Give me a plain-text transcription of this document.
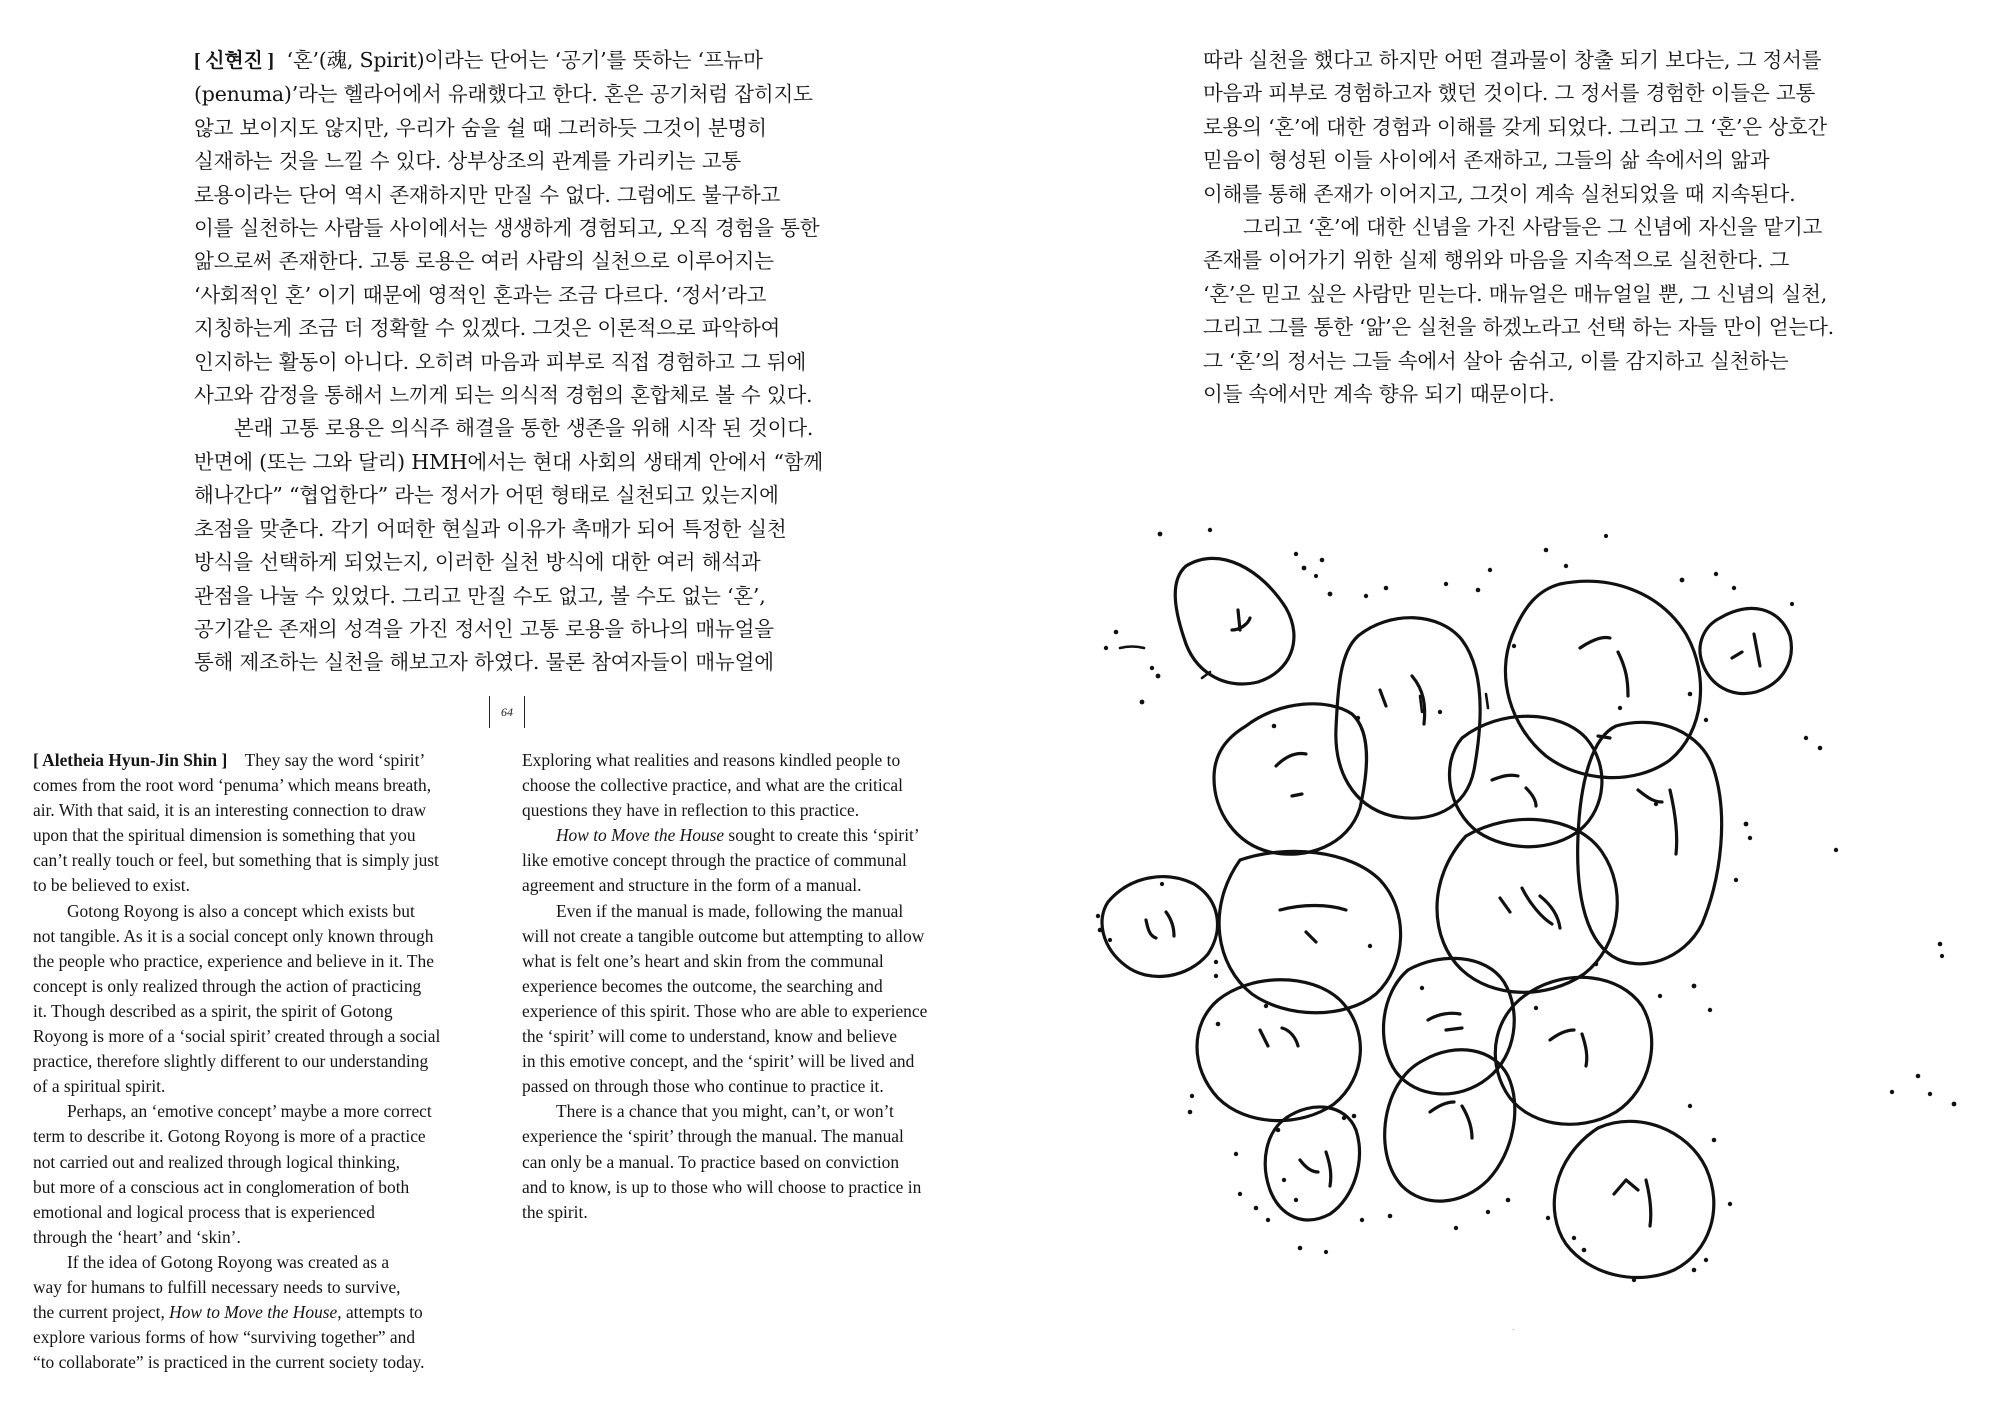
[ 신현진 ] ‘혼’(魂, Spirit)이라는 단어는 ‘공기’를 뜻하는 ‘프뉴마

(penuma)’라는 헬라어에서 유래했다고 한다. 혼은 공기처럼 잡히지도

않고 보이지도 않지만, 우리가 숨을 쉴 때 그러하듯 그것이 분명히

실재하는 것을 느낄 수 있다. 상부상조의 관계를 가리키는 고통

로용이라는 단어 역시 존재하지만 만질 수 없다. 그럼에도 불구하고

이를 실천하는 사람들 사이에서는 생생하게 경험되고, 오직 경험을 통한

앎으로써 존재한다. 고통 로용은 여러 사람의 실천으로 이루어지는

‘사회적인 혼’ 이기 때문에 영적인 혼과는 조금 다르다. ‘정서’라고

지칭하는게 조금 더 정확할 수 있겠다. 그것은 이론적으로 파악하여

인지하는 활동이 아니다. 오히려 마음과 피부로 직접 경험하고 그 뒤에

사고와 감정을 통해서 느끼게 되는 의식적 경험의 혼합체로 볼 수 있다.

본래 고통 로용은 의식주 해결을 통한 생존을 위해 시작 된 것이다.

반면에 (또는 그와 달리) HMH에서는 현대 사회의 생태계 안에서 “함께

해나간다” “협업한다” 라는 정서가 어떤 형태로 실천되고 있는지에

초점을 맞춘다. 각기 어떠한 현실과 이유가 촉매가 되어 특정한 실천

방식을 선택하게 되었는지, 이러한 실천 방식에 대한 여러 해석과

관점을 나눌 수 있었다. 그리고 만질 수도 없고, 볼 수도 없는 ‘혼’,

공기같은 존재의 성격을 가진 정서인 고통 로용을 하나의 매뉴얼을

통해 제조하는 실천을 해보고자 하였다. 물론 참여자들이 매뉴얼에

64

[ Aletheia Hyun-Jin Shin ] They say the word ‘spirit’

comes from the root word ‘penuma’ which means breath,

air. With that said, it is an interesting connection to draw

upon that the spiritual dimension is something that you

can’t really touch or feel, but something that is simply just

to be believed to exist.

Gotong Royong is also a concept which exists but

not tangible. As it is a social concept only known through

the people who practice, experience and believe in it. The

concept is only realized through the action of practicing

it. Though described as a spirit, the spirit of Gotong

Royong is more of a ‘social spirit’ created through a social

practice, therefore slightly different to our understanding

of a spiritual spirit.

Perhaps, an ‘emotive concept’ maybe a more correct

term to describe it. Gotong Royong is more of a practice

not carried out and realized through logical thinking,

but more of a conscious act in conglomeration of both

emotional and logical process that is experienced

through the ‘heart’ and ‘skin’.

If the idea of Gotong Royong was created as a

way for humans to fulfill necessary needs to survive,

the current project, How to Move the House, attempts to

explore various forms of how “surviving together” and

“to collaborate” is practiced in the current society today.

Exploring what realities and reasons kindled people to

choose the collective practice, and what are the critical

questions they have in reflection to this practice.

How to Move the House sought to create this ‘spirit’

like emotive concept through the practice of communal

agreement and structure in the form of a manual.

Even if the manual is made, following the manual

will not create a tangible outcome but attempting to allow

what is felt one’s heart and skin from the communal

experience becomes the outcome, the searching and

experience of this spirit. Those who are able to experience

the ‘spirit’ will come to understand, know and believe

in this emotive concept, and the ‘spirit’ will be lived and

passed on through those who continue to practice it.

There is a chance that you might, can’t, or won’t

experience the ‘spirit’ through the manual. The manual

can only be a manual. To practice based on conviction

and to know, is up to those who will choose to practice in

the spirit.

따라 실천을 했다고 하지만 어떤 결과물이 창출 되기 보다는, 그 정서를

마음과 피부로 경험하고자 했던 것이다. 그 정서를 경험한 이들은 고통

로용의 ‘혼’에 대한 경험과 이해를 갖게 되었다. 그리고 그 ‘혼’은 상호간

믿음이 형성된 이들 사이에서 존재하고, 그들의 삶 속에서의 앎과

이해를 통해 존재가 이어지고, 그것이 계속 실천되었을 때 지속된다.

그리고 ‘혼’에 대한 신념을 가진 사람들은 그 신념에 자신을 맡기고

존재를 이어가기 위한 실제 행위와 마음을 지속적으로 실천한다. 그

‘혼’은 믿고 싶은 사람만 믿는다. 매뉴얼은 매뉴얼일 뿐, 그 신념의 실천,

그리고 그를 통한 ‘앎’은 실천을 하겠노라고 선택 하는 자들 만이 얻는다.

그 ‘혼’의 정서는 그들 속에서 살아 숨쉬고, 이를 감지하고 실천하는

이들 속에서만 계속 향유 되기 때문이다.

.
